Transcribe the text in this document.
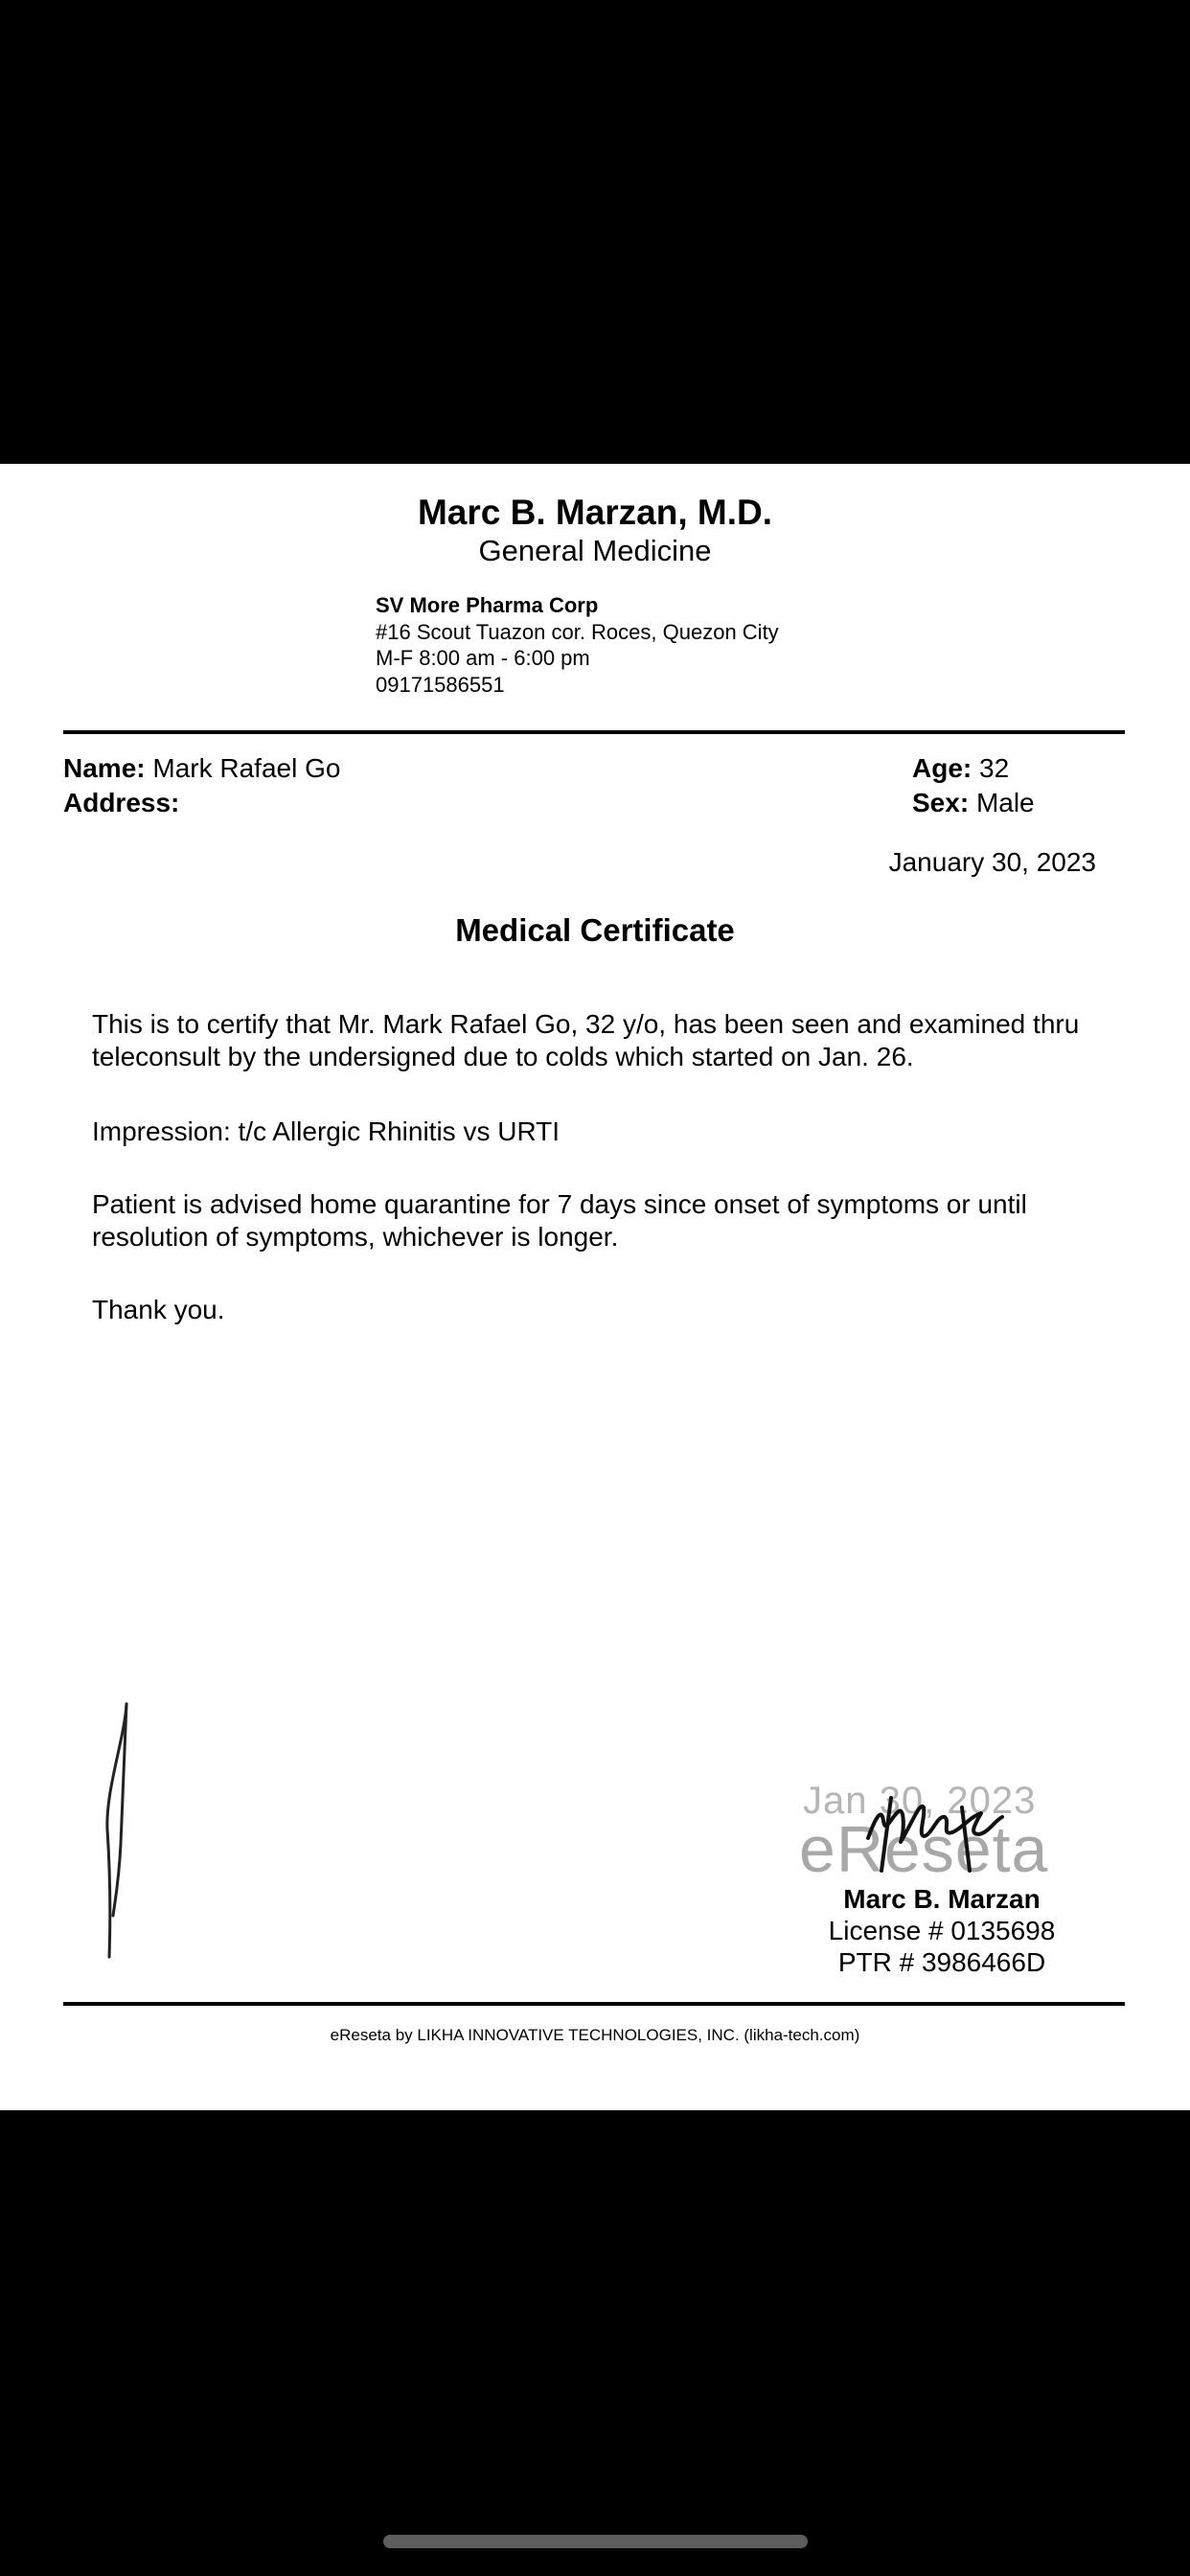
Marc B. Marzan, M.D.
General Medicine
SV More Pharma Corp
#16 Scout Tuazon cor. Roces, Quezon City
M-F 8:00 am - 6:00 pm
09171586551
Name: Mark Rafael Go
Address:
Age: 32
Sex: Male
January 30, 2023
Medical Certificate
This is to certify that Mr. Mark Rafael Go, 32 y/o, has been seen and examined thru teleconsult by the undersigned due to colds which started on Jan. 26.
Impression: t/c Allergic Rhinitis vs URTI
Patient is advised home quarantine for 7 days since onset of symptoms or until resolution of symptoms, whichever is longer.
Thank you.
Jan 30, 2023
eReseta
Marc B. Marzan
License # 0135698
PTR # 3986466D
eReseta by LIKHA INNOVATIVE TECHNOLOGIES, INC. (likha-tech.com)
